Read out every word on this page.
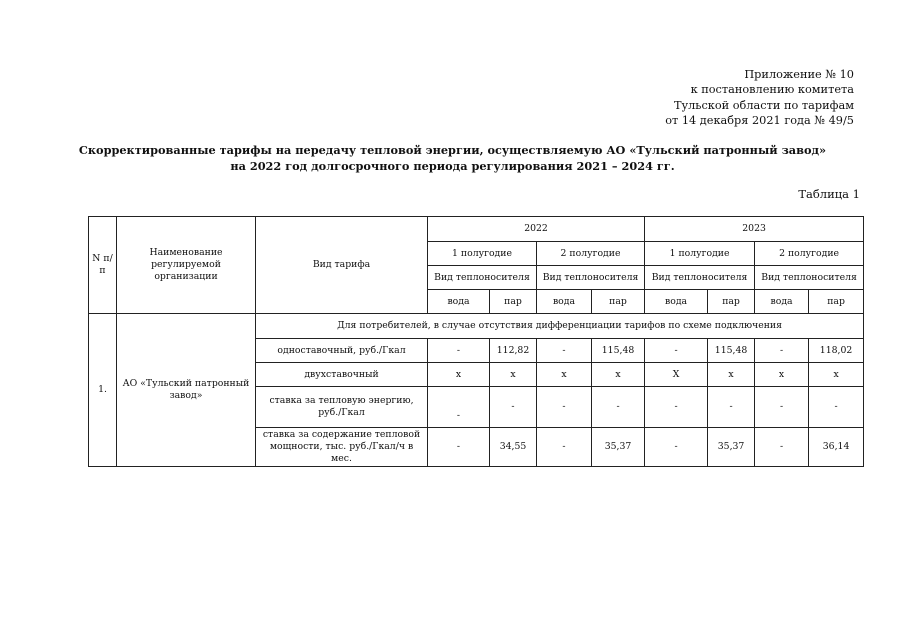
Приложение № 10
к постановлению комитета
Тульской области по тарифам
от 14 декабря 2021 года № 49/5
Скорректированные тарифы на передачу тепловой энергии, осуществляемую АО «Тульский патронный завод»
на 2022 год долгосрочного периода регулирования 2021 – 2024 гг.
Таблица 1
N п/п	Наименование регулируемой организации	Вид тарифа	2022				2023			
			1 полугодие		2 полугодие		1 полугодие		2 полугодие	
			Вид теплоносителя		Вид теплоносителя		Вид теплоносителя		Вид теплоносителя	
			вода	пар	вода	пар	вода	пар	вода	пар
1.	АО «Тульский патронный завод»	Для потребителей, в случае отсутствия дифференциации тарифов по схеме подключения								
		одноставочный, руб./Гкал	-	112,82	-	115,48	-	115,48	-	118,02
		двухставочный	х	х	х	х	Х	х	х	х
		ставка за тепловую энергию, руб./Гкал	-	-	-	-	-	-	-	-
		ставка за содержание тепловой мощности, тыс. руб./Гкал/ч в мес.	-	34,55	-	35,37	-	35,37	-	36,14
